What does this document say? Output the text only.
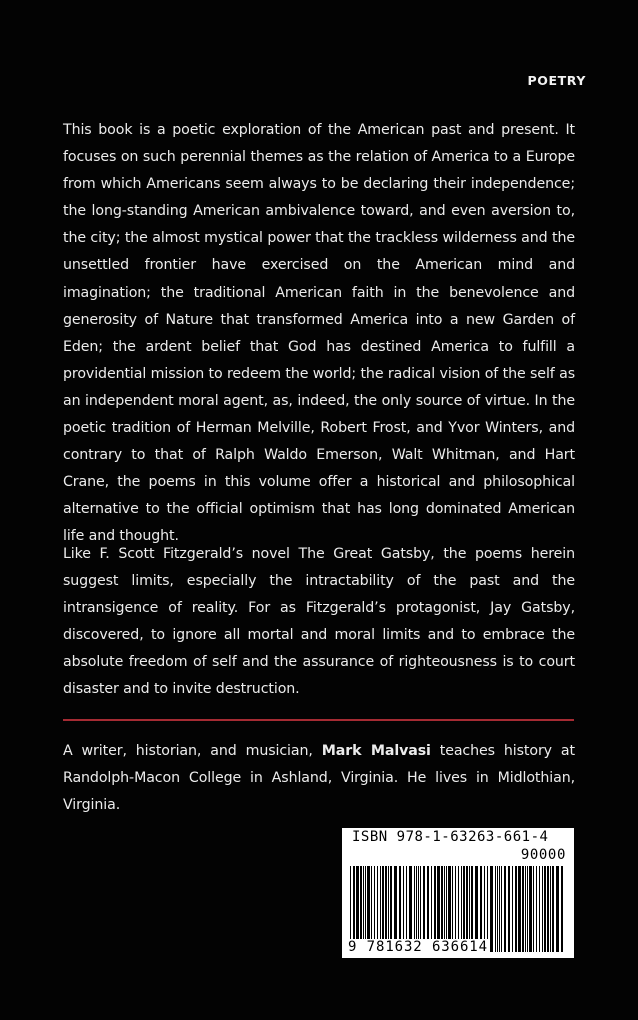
POETRY

This book is a poetic exploration of the American past and present. It focuses on such perennial themes as the relation of America to a Europe from which Americans seem always to be declaring their independence; the long-standing American ambivalence toward, and even aversion to, the city; the almost mystical power that the trackless wilderness and the unsettled frontier have exercised on the American mind and imagination; the traditional American faith in the benevolence and generosity of Nature that transformed America into a new Garden of Eden; the ardent belief that God has destined America to fulfill a providential mission to redeem the world; the radical vision of the self as an independent moral agent, as, indeed, the only source of virtue. In the poetic tradition of Herman Melville, Robert Frost, and Yvor Winters, and contrary to that of Ralph Waldo Emerson, Walt Whitman, and Hart Crane, the poems in this volume offer a historical and philosophical alternative to the official optimism that has long dominated American life and thought.

Like F. Scott Fitzgerald’s novel The Great Gatsby, the poems herein suggest limits, especially the intractability of the past and the intransigence of reality. For as Fitzgerald’s protagonist, Jay Gatsby, discovered, to ignore all mortal and moral limits and to embrace the absolute freedom of self and the assurance of righteousness is to court disaster and to invite destruction.

A writer, historian, and musician, Mark Malvasi teaches history at Randolph-Macon College in Ashland, Virginia. He lives in Midlothian, Virginia.

ISBN 978-1-63263-661-4
90000
9 781632 636614
